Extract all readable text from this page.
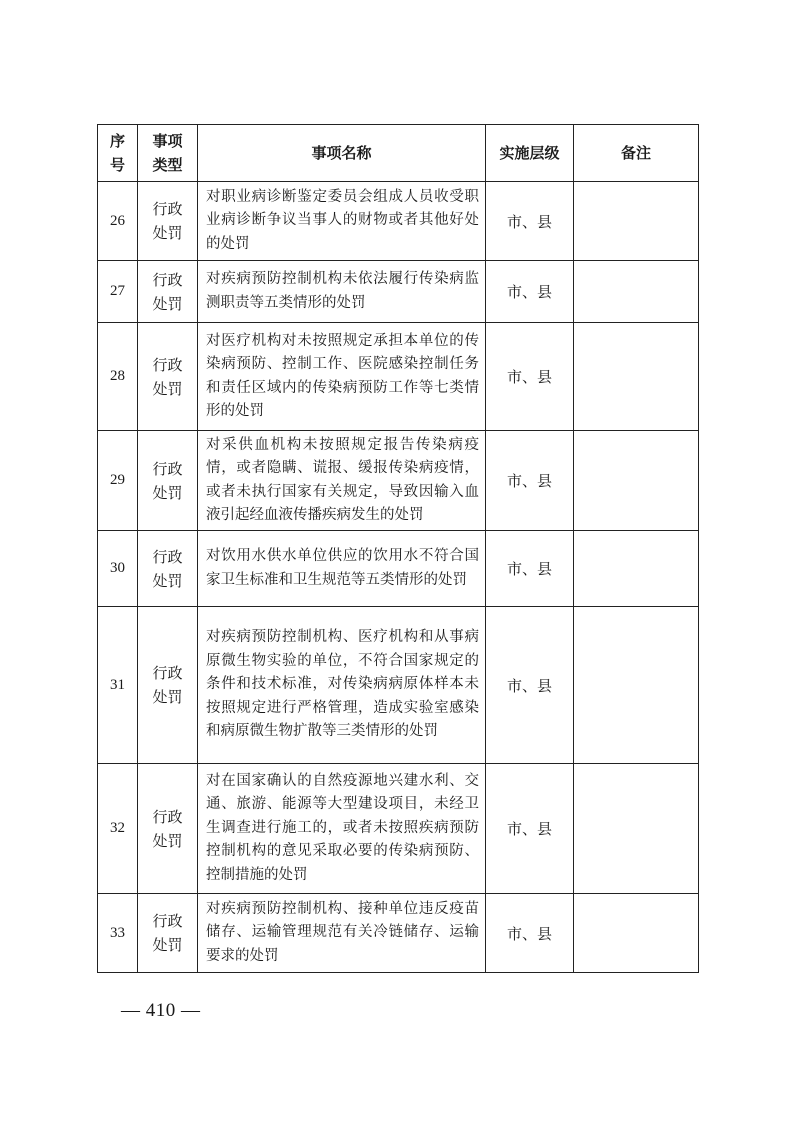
序号	事项类型	事项名称	实施层级	备注
26	行政处罚	对职业病诊断鉴定委员会组成人员收受职业病诊断争议当事人的财物或者其他好处的处罚	市、县	
27	行政处罚	对疾病预防控制机构未依法履行传染病监测职责等五类情形的处罚	市、县	
28	行政处罚	对医疗机构对未按照规定承担本单位的传染病预防、控制工作、医院感染控制任务和责任区域内的传染病预防工作等七类情形的处罚	市、县	
29	行政处罚	对采供血机构未按照规定报告传染病疫情，或者隐瞒、谎报、缓报传染病疫情，或者未执行国家有关规定，导致因输入血液引起经血液传播疾病发生的处罚	市、县	
30	行政处罚	对饮用水供水单位供应的饮用水不符合国家卫生标准和卫生规范等五类情形的处罚	市、县	
31	行政处罚	对疾病预防控制机构、医疗机构和从事病原微生物实验的单位，不符合国家规定的条件和技术标准，对传染病病原体样本未按照规定进行严格管理，造成实验室感染和病原微生物扩散等三类情形的处罚	市、县	
32	行政处罚	对在国家确认的自然疫源地兴建水利、交通、旅游、能源等大型建设项目，未经卫生调查进行施工的，或者未按照疾病预防控制机构的意见采取必要的传染病预防、控制措施的处罚	市、县	
33	行政处罚	对疾病预防控制机构、接种单位违反疫苗储存、运输管理规范有关冷链储存、运输要求的处罚	市、县	
— 410 —
